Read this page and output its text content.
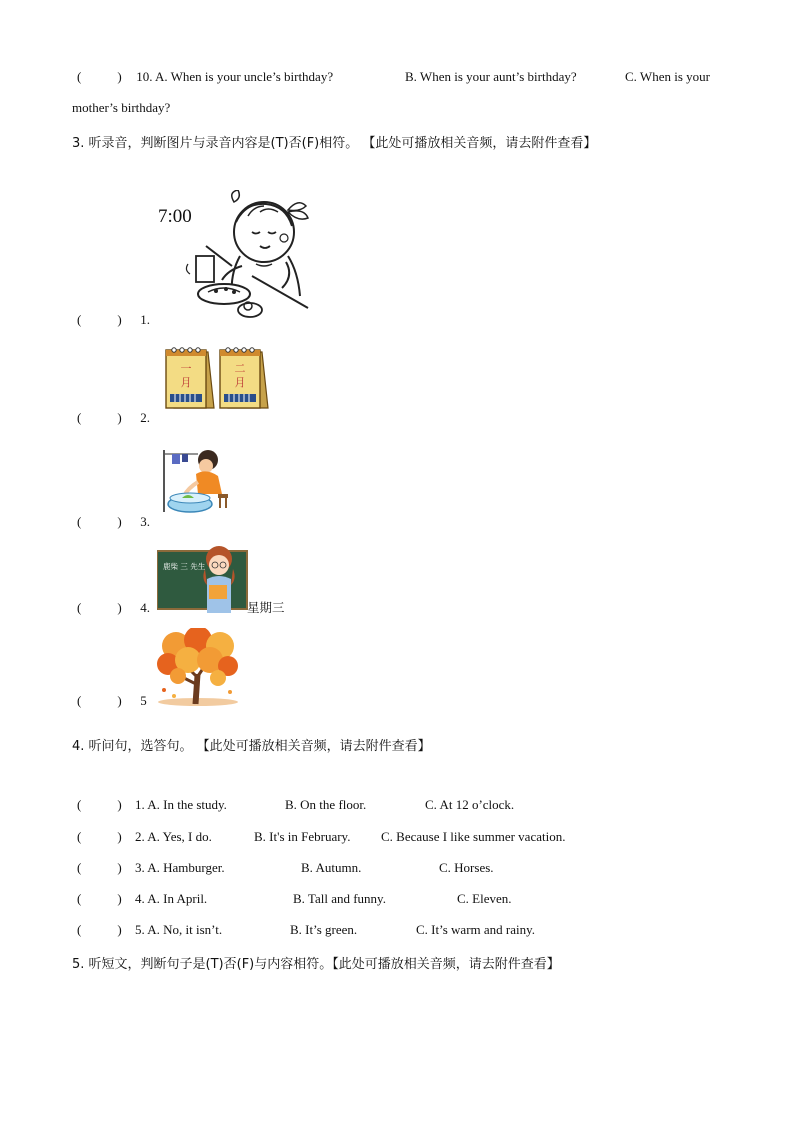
(	) 10. A. When is your uncle’s birthday?	B. When is your aunt’s birthday?	C. When is your
mother’s birthday?
3. 听录音，判断图片与录音内容是(T)否(F)相符。 【此处可播放相关音频，请去附件查看】
7:00
(	) 1.
一
月
二
月
(	) 2.
(	) 3.
鹿柴 三 先生
(	) 4.	星期三
(	) 5
4. 听问句，选答句。 【此处可播放相关音频，请去附件查看】
(	) 1. A. In the study.	B. On the floor.	C. At 12 o’clock.
(	) 2. A. Yes, I do.	B. It's in February. C. Because I like summer vacation.
(	) 3. A. Hamburger.	B. Autumn.	C. Horses.
(	) 4. A. In April.	B. Tall and funny.	C. Eleven.
(	) 5. A. No, it isn’t.	B. It’s green.	C. It’s warm and rainy.
5. 听短文，判断句子是(T)否(F)与内容相符。【此处可播放相关音频，请去附件查看】
